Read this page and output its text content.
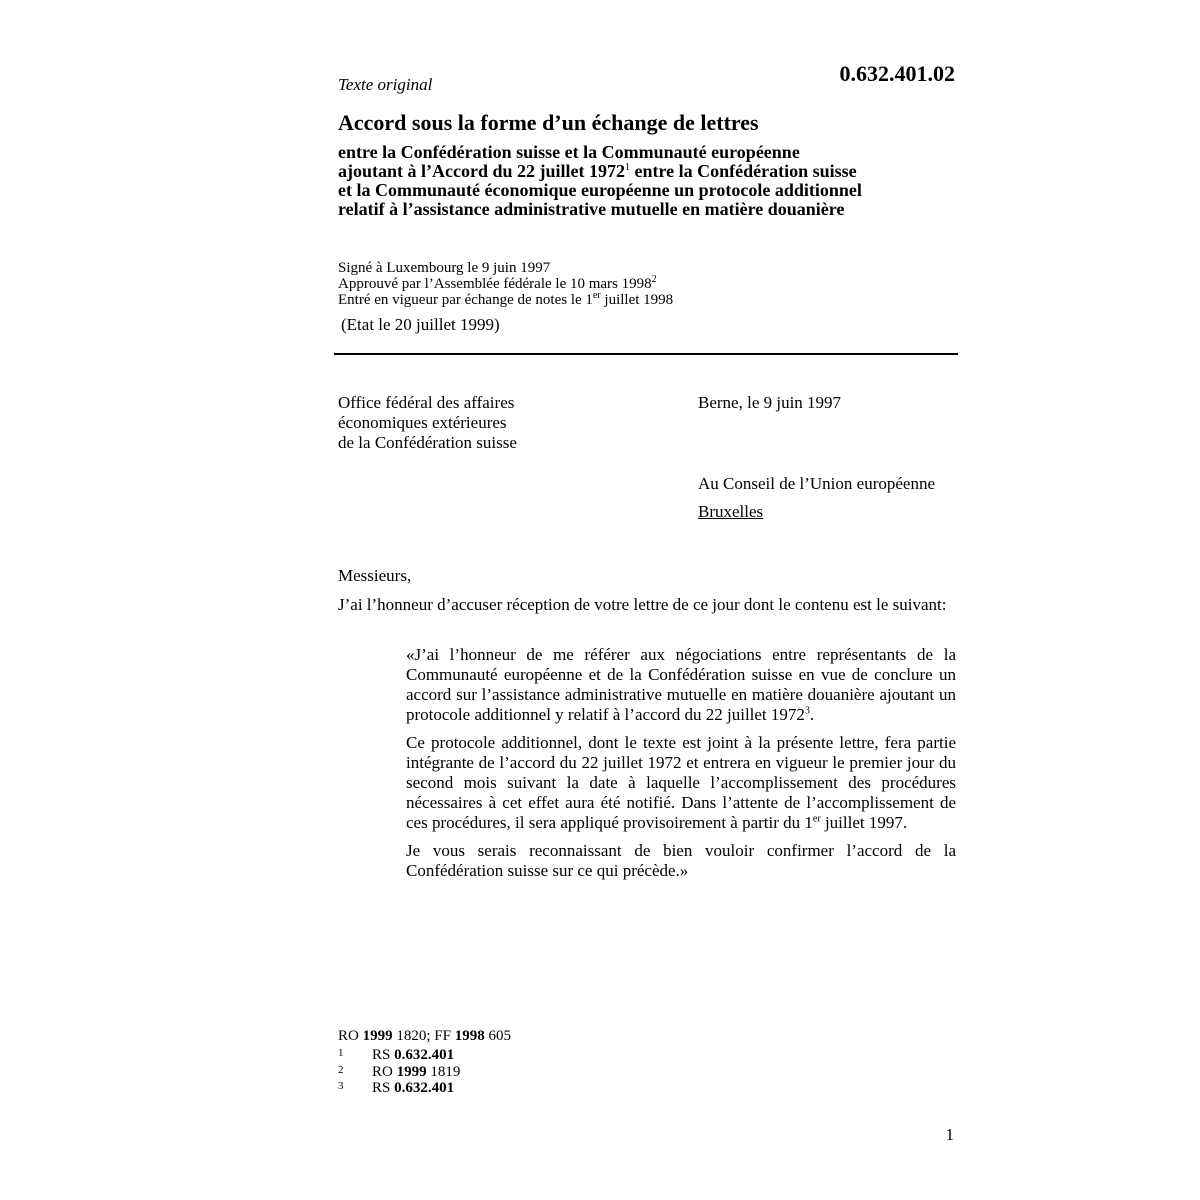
Texte original	0.632.401.02
Accord sous la forme d’un échange de lettres
entre la Confédération suisse et la Communauté européenne
ajoutant à l’Accord du 22 juillet 1972$^1$ entre la Confédération suisse
et la Communauté économique européenne un protocole additionnel
relatif à l’assistance administrative mutuelle en matière douanière
Signé à Luxembourg le 9 juin 1997
Approuvé par l’Assemblée fédérale le 10 mars 1998$^2$
Entré en vigueur par échange de notes le 1er juillet 1998
(Etat le 20 juillet 1999)
Office fédéral des affaires
économiques extérieures
de la Confédération suisse
Berne, le 9 juin 1997
Au Conseil de l’Union européenne
Bruxelles
Messieurs,
J’ai l’honneur d’accuser réception de votre lettre de ce jour dont le contenu est le suivant:

«J’ai l’honneur de me référer aux négociations entre représentants de la Communauté européenne et de la Confédération suisse en vue de conclure un accord sur l’assistance administrative mutuelle en matière douanière ajoutant un protocole additionnel y relatif à l’accord du 22 juillet 1972$^3$.

Ce protocole additionnel, dont le texte est joint à la présente lettre, fera partie intégrante de l’accord du 22 juillet 1972 et entrera en vigueur le premier jour du second mois suivant la date à laquelle l’accomplissement des procédures nécessaires à cet effet aura été notifié. Dans l’attente de l’accomplissement de ces procédures, il sera appliqué provisoirement à partir du 1er juillet 1997.

Je vous serais reconnaissant de bien vouloir confirmer l’accord de la Confédération suisse sur ce qui précède.»

RO 1999 1820; FF 1998 605
1	RS 0.632.401
2	RO 1999 1819
3	RS 0.632.401
1
